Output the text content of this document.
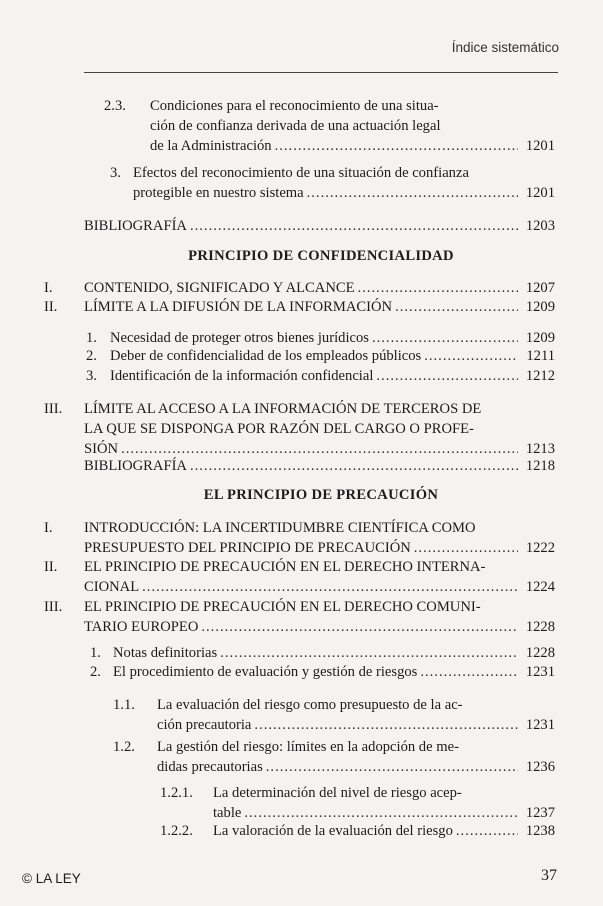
Índice sistemático
2.3. Condiciones para el reconocimiento de una situa-
ción de confianza derivada de una actuación legal
de la Administración .....	1201
3. Efectos del reconocimiento de una situación de confianza
protegible en nuestro sistema .....	1201
BIBLIOGRAFÍA .....	1203
PRINCIPIO DE CONFIDENCIALIDAD
I. CONTENIDO, SIGNIFICADO Y ALCANCE .....	1207
II. LÍMITE A LA DIFUSIÓN DE LA INFORMACIÓN .....	1209
1. Necesidad de proteger otros bienes jurídicos .....	1209
2. Deber de confidencialidad de los empleados públicos .....	1211
3. Identificación de la información confidencial .....	1212
III. LÍMITE AL ACCESO A LA INFORMACIÓN DE TERCEROS DE
LA QUE SE DISPONGA POR RAZÓN DEL CARGO O PROFE-
SIÓN .....	1213
BIBLIOGRAFÍA .....	1218
EL PRINCIPIO DE PRECAUCIÓN
I. INTRODUCCIÓN: LA INCERTIDUMBRE CIENTÍFICA COMO
PRESUPUESTO DEL PRINCIPIO DE PRECAUCIÓN .....	1222
II. EL PRINCIPIO DE PRECAUCIÓN EN EL DERECHO INTERNA-
CIONAL .....	1224
III. EL PRINCIPIO DE PRECAUCIÓN EN EL DERECHO COMUNI-
TARIO EUROPEO .....	1228
1. Notas definitorias .....	1228
2. El procedimiento de evaluación y gestión de riesgos .....	1231
1.1. La evaluación del riesgo como presupuesto de la ac-
ción precautoria .....	1231
1.2. La gestión del riesgo: límites en la adopción de me-
didas precautorias .....	1236
1.2.1. La determinación del nivel de riesgo acep-
table .....	1237
1.2.2. La valoración de la evaluación del riesgo .....	1238
© LA LEY	37
